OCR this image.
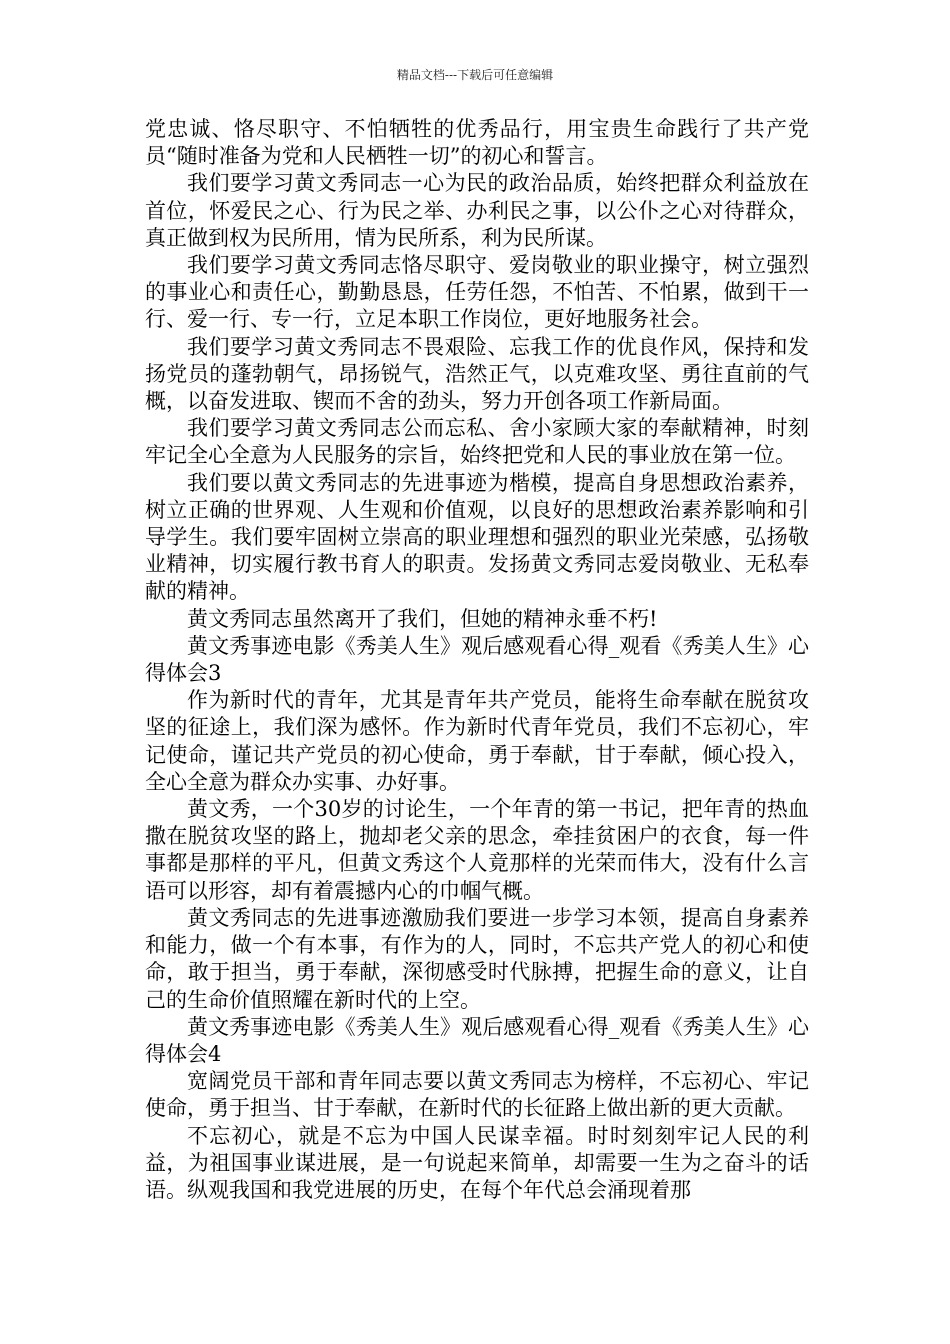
精品文档---下载后可任意编辑

党忠诚、恪尽职守、不怕牺牲的优秀品行，用宝贵生命践行了共产党员“随时准备为党和人民栖牲一切”的初心和誓言。

我们要学习黄文秀同志一心为民的政治品质，始终把群众利益放在首位，怀爱民之心、行为民之举、办利民之事，以公仆之心对待群众，真正做到权为民所用，情为民所系，利为民所谋。

我们要学习黄文秀同志恪尽职守、爱岗敬业的职业操守，树立强烈的事业心和责任心，勤勤恳恳，任劳任怨，不怕苦、不怕累，做到干一行、爱一行、专一行，立足本职工作岗位，更好地服务社会。

我们要学习黄文秀同志不畏艰险、忘我工作的优良作风，保持和发扬党员的蓬勃朝气，昂扬锐气，浩然正气，以克难攻坚、勇往直前的气概，以奋发进取、锲而不舍的劲头，努力开创各项工作新局面。

我们要学习黄文秀同志公而忘私、舍小家顾大家的奉献精神，时刻牢记全心全意为人民服务的宗旨，始终把党和人民的事业放在第一位。

我们要以黄文秀同志的先进事迹为楷模，提高自身思想政治素养，树立正确的世界观、人生观和价值观，以良好的思想政治素养影响和引导学生。我们要牢固树立崇高的职业理想和强烈的职业光荣感，弘扬敬业精神，切实履行教书育人的职责。发扬黄文秀同志爱岗敬业、无私奉献的精神。

黄文秀同志虽然离开了我们，但她的精神永垂不朽!

黄文秀事迹电影《秀美人生》观后感观看心得_观看《秀美人生》心得体会3

作为新时代的青年，尤其是青年共产党员，能将生命奉献在脱贫攻坚的征途上，我们深为感怀。作为新时代青年党员，我们不忘初心，牢记使命，谨记共产党员的初心使命，勇于奉献，甘于奉献，倾心投入，全心全意为群众办实事、办好事。

黄文秀，一个30岁的讨论生，一个年青的第一书记，把年青的热血撒在脱贫攻坚的路上，抛却老父亲的思念，牵挂贫困户的衣食，每一件事都是那样的平凡，但黄文秀这个人竟那样的光荣而伟大，没有什么言语可以形容，却有着震撼内心的巾帼气概。

黄文秀同志的先进事迹激励我们要进一步学习本领，提高自身素养和能力，做一个有本事，有作为的人，同时，不忘共产党人的初心和使命，敢于担当，勇于奉献，深彻感受时代脉搏，把握生命的意义，让自己的生命价值照耀在新时代的上空。

黄文秀事迹电影《秀美人生》观后感观看心得_观看《秀美人生》心得体会4

宽阔党员干部和青年同志要以黄文秀同志为榜样，不忘初心、牢记使命，勇于担当、甘于奉献，在新时代的长征路上做出新的更大贡献。

不忘初心，就是不忘为中国人民谋幸福。时时刻刻牢记人民的利益，为祖国事业谋进展，是一句说起来简单，却需要一生为之奋斗的话语。纵观我国和我党进展的历史，在每个年代总会涌现着那
